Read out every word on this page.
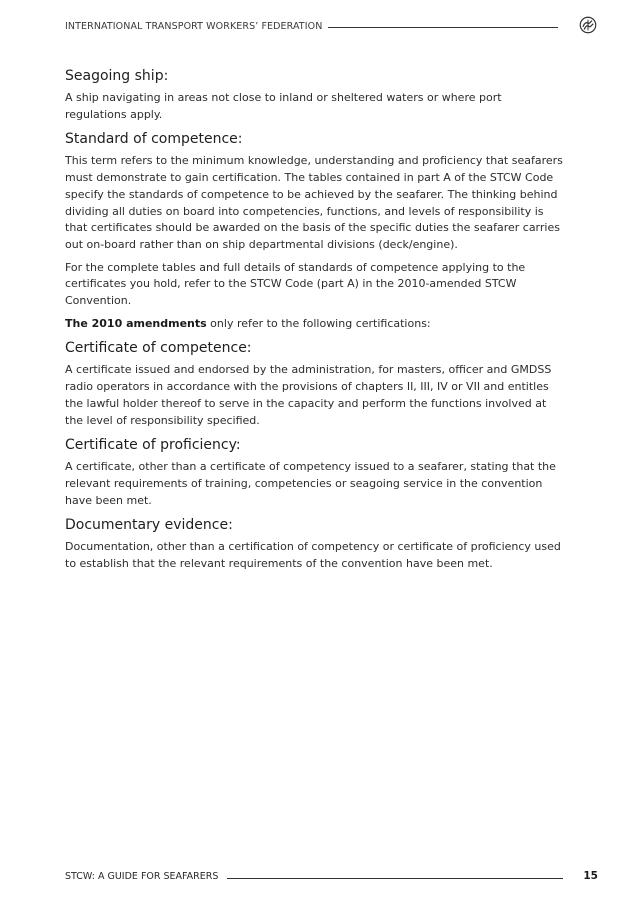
INTERNATIONAL TRANSPORT WORKERS’ FEDERATION
Seagoing ship:

A ship navigating in areas not close to inland or sheltered waters or where port regulations apply.

Standard of competence:

This term refers to the minimum knowledge, understanding and proficiency that seafarers must demonstrate to gain certification. The tables contained in part A of the STCW Code specify the standards of competence to be achieved by the seafarer. The thinking behind dividing all duties on board into competencies, functions, and levels of responsibility is that certificates should be awarded on the basis of the specific duties the seafarer carries out on-board rather than on ship departmental divisions (deck/engine).

For the complete tables and full details of standards of competence applying to the certificates you hold, refer to the STCW Code (part A) in the 2010-amended STCW Convention.

The 2010 amendments only refer to the following certifications:

Certificate of competence:

A certificate issued and endorsed by the administration, for masters, officer and GMDSS radio operators in accordance with the provisions of chapters II, III, IV or VII and entitles the lawful holder thereof to serve in the capacity and perform the functions involved at the level of responsibility specified.

Certificate of proficiency:

A certificate, other than a certificate of competency issued to a seafarer, stating that the relevant requirements of training, competencies or seagoing service in the convention have been met.

Documentary evidence:

Documentation, other than a certification of competency or certificate of proficiency used to establish that the relevant requirements of the convention have been met.

STCW: A GUIDE FOR SEAFARERS	15
